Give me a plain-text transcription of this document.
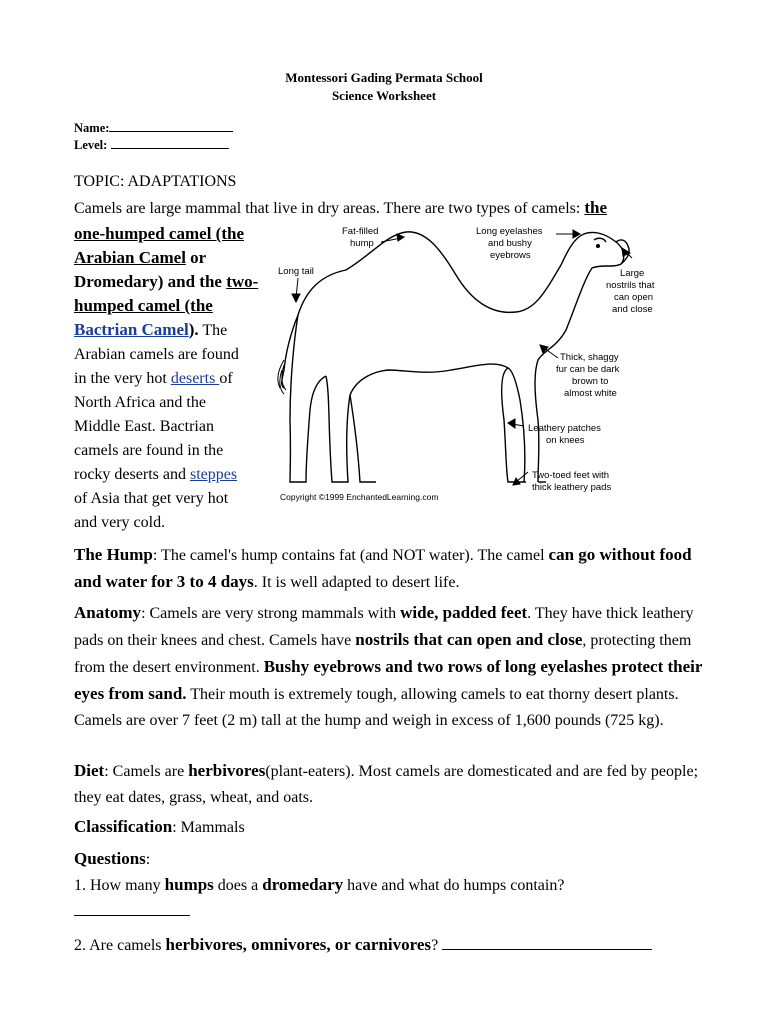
Montessori Gading Permata School
Science Worksheet
Name:
Level:
TOPIC: ADAPTATIONS
Camels are large mammal that live in dry areas. There are two types of camels: the
one-humped camel (the
Arabian Camel or
Dromedary) and the two-
humped camel (the
Bactrian Camel). The
Arabian camels are found
in the very hot deserts of
North Africa and the
Middle East. Bactrian
camels are found in the
rocky deserts and steppes
of Asia that get very hot
and very cold.
Fat-filled
hump
Long eyelashes
and bushy
eyebrows
Long tail	Large
nostrils that
can open
and close
Thick, shaggy
fur can be dark
brown to
almost white
Leathery patches
on knees
Two-toed feet with
thick leathery pads
Copyright ©1999 EnchantedLearning.com
The Hump: The camel's hump contains fat (and NOT water). The camel can go without food and water for 3 to 4 days. It is well adapted to desert life.
Anatomy: Camels are very strong mammals with wide, padded feet. They have thick leathery pads on their knees and chest. Camels have nostrils that can open and close, protecting them from the desert environment. Bushy eyebrows and two rows of long eyelashes protect their eyes from sand. Their mouth is extremely tough, allowing camels to eat thorny desert plants. Camels are over 7 feet (2 m) tall at the hump and weigh in excess of 1,600 pounds (725 kg).
Diet: Camels are herbivores(plant-eaters). Most camels are domesticated and are fed by people; they eat dates, grass, wheat, and oats.
Classification: Mammals
Questions:
1. How many humps does a dromedary have and what do humps contain?

2. Are camels herbivores, omnivores, or carnivores?
